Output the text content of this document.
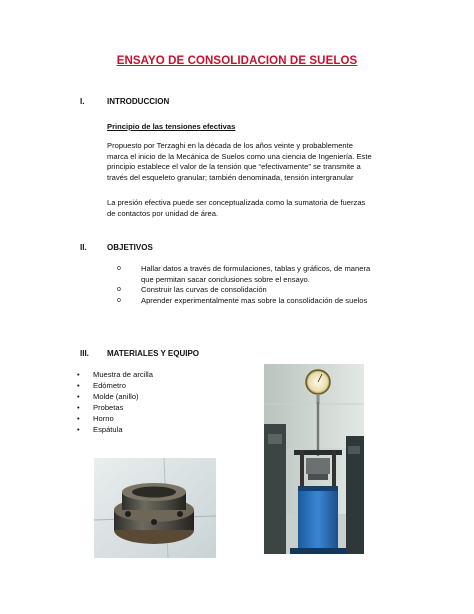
ENSAYO DE CONSOLIDACION DE SUELOS
I.	INTRODUCCION
Principio de las tensiones efectivas
Propuesto por Terzaghi en la década de los años veinte y probablemente
marca el inicio de la Mecánica de Suelos como una ciencia de Ingeniería. Este
principio establece el valor de la tensión que “efectivamente” se transmite a
través del esqueleto granular; también denominada, tensión intergranular
La presión efectiva puede ser conceptualizada como la sumatoria de fuerzas
de contactos por unidad de área.
II.	OBJETIVOS
o	Hallar datos a través de formulaciones, tablas y gráficos, de manera
que permitan sacar conclusiones sobre el ensayo.
o	Construir las curvas de consolidación
o	Aprender experimentalmente mas sobre la consolidación de suelos
III. MATERIALES Y EQUIPO
• Muestra de arcilla
• Edómetro
• Molde (anillo)
• Probetas
• Horno
• Espátula
